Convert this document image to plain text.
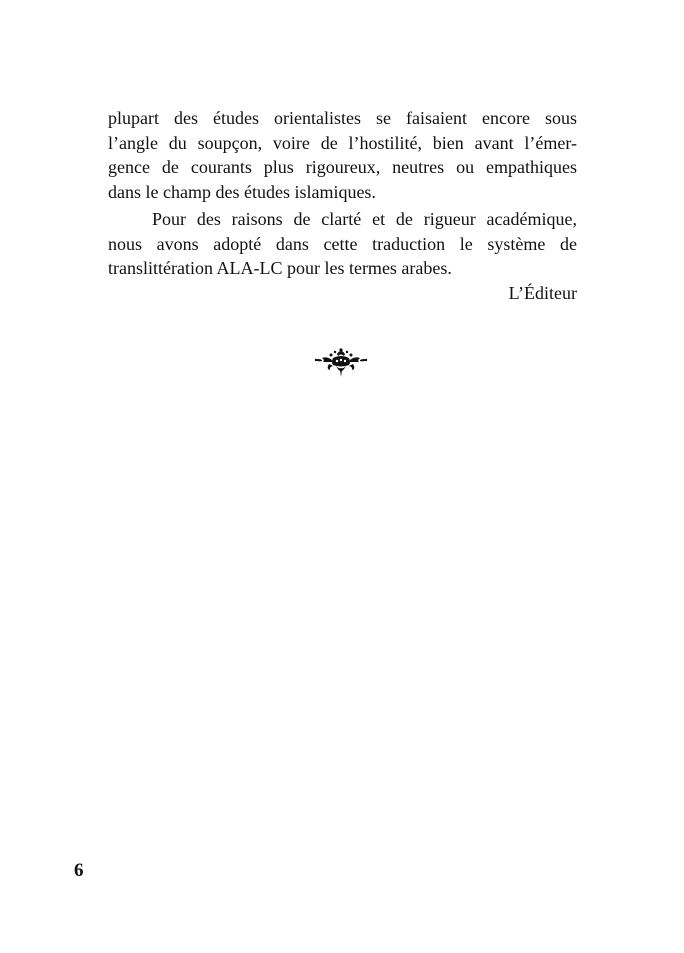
plupart des études orientalistes se faisaient encore sous
l’angle du soupçon, voire de l’hostilité, bien avant l’émer-
gence de courants plus rigoureux, neutres ou empathiques
dans le champ des études islamiques.
Pour des raisons de clarté et de rigueur académique,
nous avons adopté dans cette traduction le système de
translittération ALA-LC pour les termes arabes.
L’Éditeur
6
